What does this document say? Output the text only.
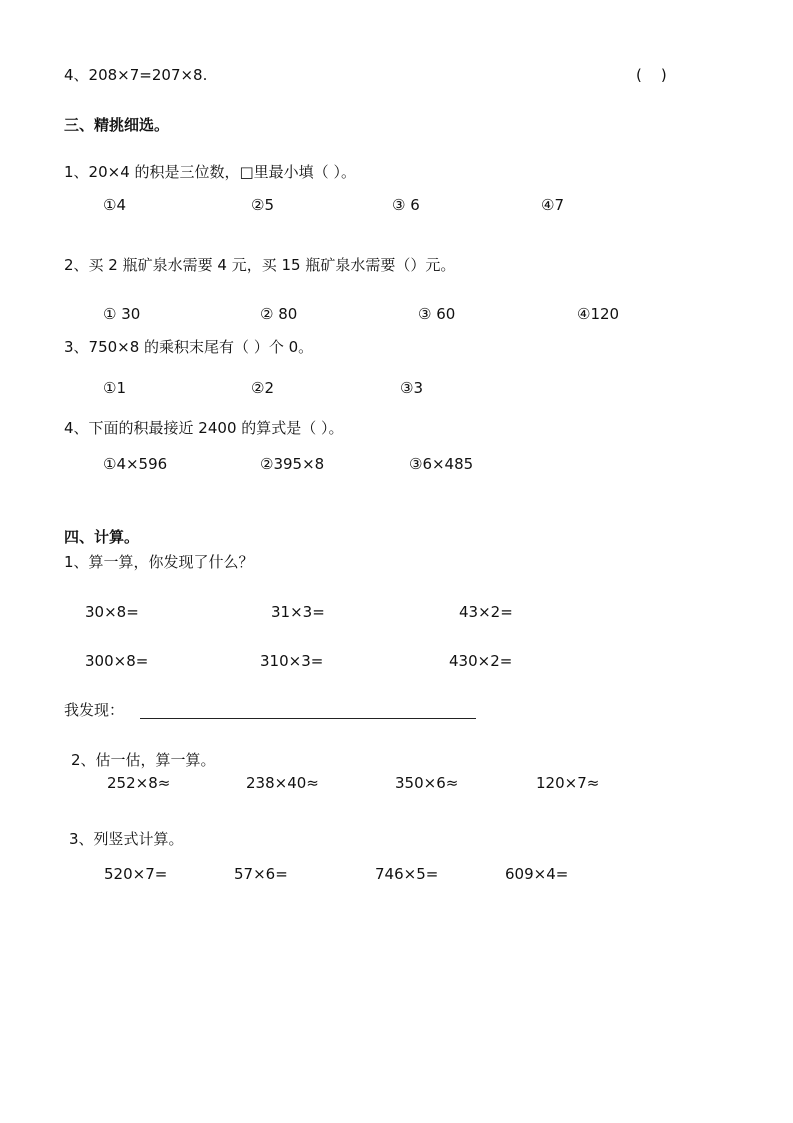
4、208×7=207×8.	(    )
三、精挑细选。
1、20×4 的积是三位数，□里最小填（ ）。
①4	②5	③ 6	④7
2、买 2 瓶矿泉水需要 4 元，买 15 瓶矿泉水需要（）元。
① 30	② 80	③ 60	④120
3、750×8 的乘积末尾有（ ）个 0。
①1	②2	③3
4、下面的积最接近 2400 的算式是（ ）。
①4×596	②395×8	③6×485
四、计算。
1、算一算，你发现了什么？
30×8=	31×3=	43×2=
300×8=	310×3=	430×2=
我发现：
2、估一估，算一算。
252×8≈	238×40≈	350×6≈	120×7≈
3、列竖式计算。
520×7=	57×6=	746×5=	609×4=
